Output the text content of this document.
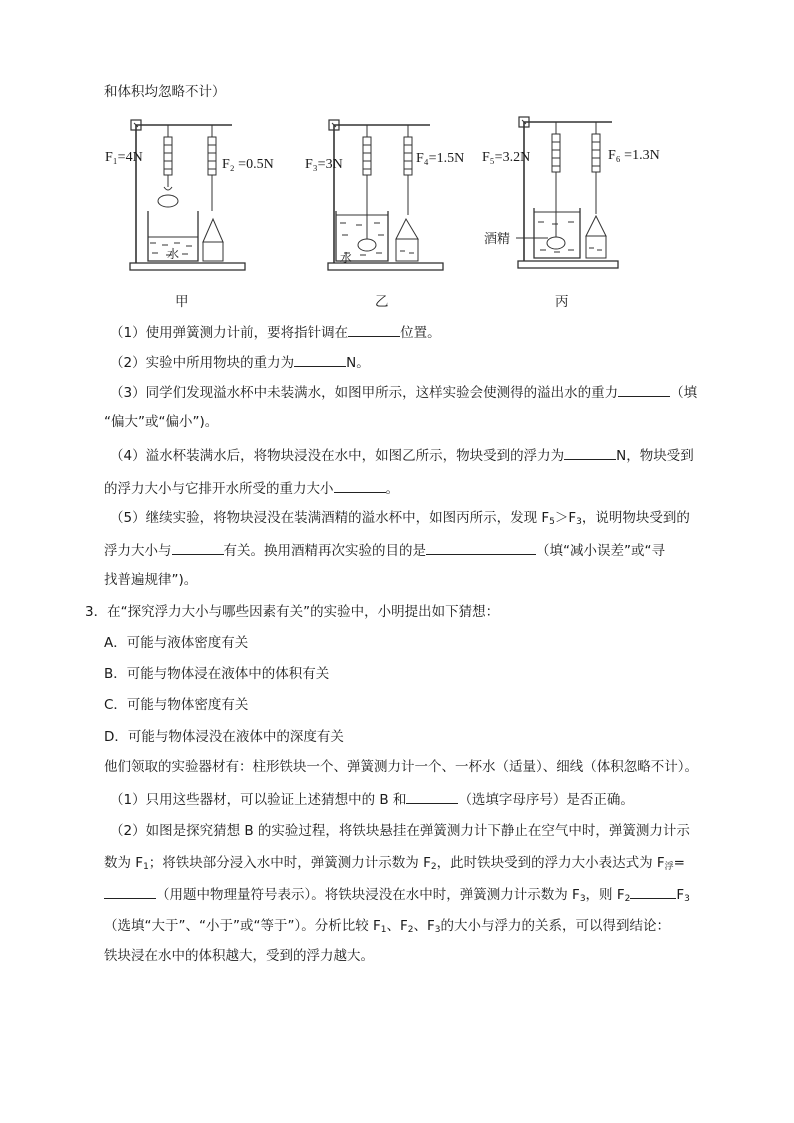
和体积均忽略不计）
F₁=4N	F₂ =0.5N
水
甲
F₃=3N	F₄=1.5N
水
乙
F₅=3.2N	F₆ =1.3N
酒精
丙
（1）使用弹簧测力计前，要将指针调在	位置。
（2）实验中所用物块的重力为	N。
（3）同学们发现溢水杯中未装满水，如图甲所示，这样实验会使测得的溢出水的重力	（填
“偏大”或“偏小”)。
（4）溢水杯装满水后，将物块浸没在水中，如图乙所示，物块受到的浮力为	N，物块受到
的浮力大小与它排开水所受的重力大小	。
（5）继续实验，将物块浸没在装满酒精的溢水杯中，如图丙所示，发现 $F_5>F_3$，说明物块受到的
浮力大小与	有关。换用酒精再次实验的目的是	（填“减小误差”或“寻
找普遍规律”)。
3．在“探究浮力大小与哪些因素有关”的实验中，小明提出如下猜想：
A．可能与液体密度有关
B．可能与物体浸在液体中的体积有关
C．可能与物体密度有关
D．可能与物体浸没在液体中的深度有关
他们领取的实验器材有：柱形铁块一个、弹簧测力计一个、一杯水（适量）、细线（体积忽略不计）。
（1）只用这些器材，可以验证上述猜想中的 B 和	（选填字母序号）是否正确。
（2）如图是探究猜想 B 的实验过程，将铁块悬挂在弹簧测力计下静止在空气中时，弹簧测力计示
数为 $F_1$；将铁块部分浸入水中时，弹簧测力计示数为 $F_2$，此时铁块受到的浮力大小表达式为 $F_浮=$
（用题中物理量符号表示）。将铁块浸没在水中时，弹簧测力计示数为 $F_3$，则 $F_2$	$F_3$
（选填“大于”、“小于”或“等于”）。分析比较 $F_1$、$F_2$、$F_3$的大小与浮力的关系，可以得到结论：
铁块浸在水中的体积越大，受到的浮力越大。
